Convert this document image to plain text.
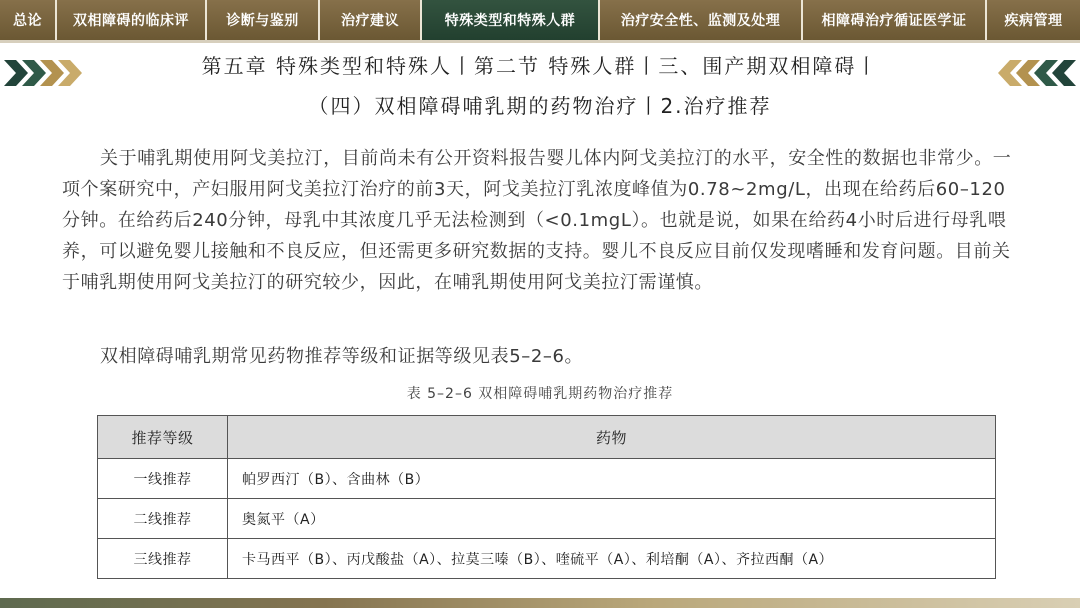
总论	双相障碍的临床评	诊断与鉴别	治疗建议	特殊类型和特殊人群	治疗安全性、监测及处理	相障碍治疗循证医学证	疾病管理
第五章 特殊类型和特殊人丨第二节 特殊人群丨三、围产期双相障碍丨
（四）双相障碍哺乳期的药物治疗丨2.治疗推荐

关于哺乳期使用阿戈美拉汀，目前尚未有公开资料报告婴儿体内阿戈美拉汀的水平，安全性的数据也非常少。一项个案研究中，产妇服用阿戈美拉汀治疗的前3天，阿戈美拉汀乳浓度峰值为0.78~2mg/L，出现在给药后60–120分钟。在给药后240分钟，母乳中其浓度几乎无法检测到（<0.1mgL）。也就是说，如果在给药4小时后进行母乳喂养，可以避免婴儿接触和不良反应，但还需更多研究数据的支持。婴儿不良反应目前仅发现嗜睡和发育问题。目前关于哺乳期使用阿戈美拉汀的研究较少，因此，在哺乳期使用阿戈美拉汀需谨慎。

双相障碍哺乳期常见药物推荐等级和证据等级见表5–2–6。

表 5–2–6 双相障碍哺乳期药物治疗推荐
推荐等级	药物
一线推荐	帕罗西汀（B）、含曲林（B）
二线推荐	奥氮平（A）
三线推荐	卡马西平（B）、丙戊酸盐（A）、拉莫三嗪（B）、喹硫平（A）、利培酮（A）、齐拉西酮（A）
